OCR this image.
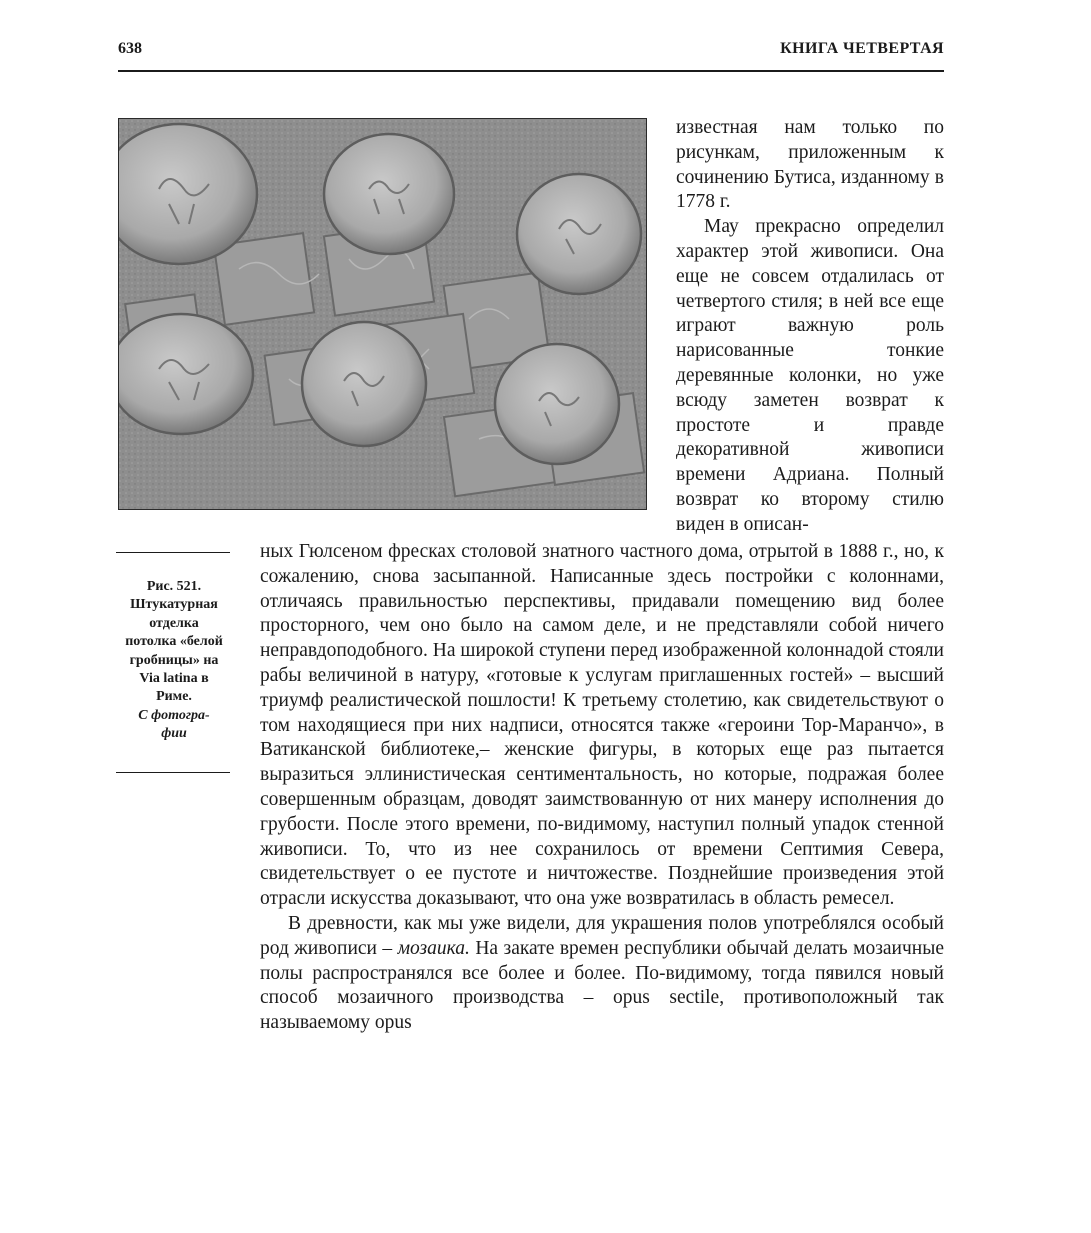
638	КНИГА ЧЕТВЕРТАЯ

известная нам только по рисункам, приложенным к сочинению Бутиса, изданному в 1778 г.

Мау прекрасно определил характер этой живописи. Она еще не совсем отдалилась от четвертого стиля; в ней все еще играют важную роль нарисованные тонкие деревянные колонки, но уже всюду заметен возврат к простоте и правде декоративной живописи времени Адриана. Полный возврат ко второму стилю виден в описан-

Рис. 521.
Штукатурная
отделка
потолка «белой
гробницы» на
Via latina в
Риме.
С фотогра-
фии

ных Гюлсеном фресках столовой знатного частного дома, отрытой в 1888 г., но, к сожалению, снова засыпанной. Написанные здесь постройки с колоннами, отличаясь правильностью перспективы, придавали помещению вид более просторного, чем оно было на самом деле, и не представляли собой ничего неправдоподобного. На широкой ступени перед изображенной колоннадой стояли рабы величиной в натуру, «готовые к услугам приглашенных гостей» – высший триумф реалистической пошлости! К третьему столетию, как свидетельствуют о том находящиеся при них надписи, относятся также «героини Тор-Маранчо», в Ватиканской библиотеке,– женские фигуры, в которых еще раз пытается выразиться эллинистическая сентиментальность, но которые, подражая более совершенным образцам, доводят заимствованную от них манеру исполнения до грубости. После этого времени, по-видимому, наступил полный упадок стенной живописи. То, что из нее сохранилось от времени Септимия Севера, свидетельствует о ее пустоте и ничтожестве. Позднейшие произведения этой отрасли искусства доказывают, что она уже возвратилась в область ремесел.

В древности, как мы уже видели, для украшения полов употреблялся особый род живописи – мозаика. На закате времен республики обычай делать мозаичные полы распространялся все более и более. По-видимому, тогда пявился новый способ мозаичного производства – opus sectile, противоположный так называемому opus
